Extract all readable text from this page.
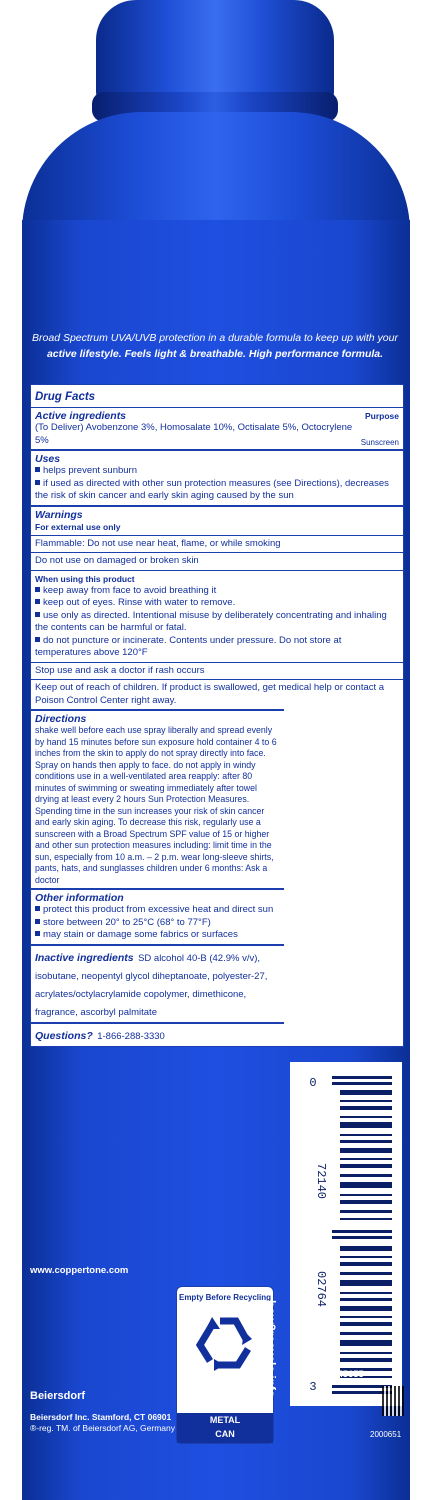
Broad Spectrum UVA/UVB protection in a durable formula to keep up with your
active lifestyle. Feels light & breathable. High performance formula.
Drug Facts
Active ingredients	Purpose
(To Deliver) Avobenzone 3%, Homosalate 10%, Octisalate 5%, Octocrylene 5%	Sunscreen
Uses
helps prevent sunburn
if used as directed with other sun protection measures (see Directions), decreases the risk of skin cancer and early skin aging caused by the sun
Warnings
For external use only
Flammable: Do not use near heat, flame, or while smoking
Do not use on damaged or broken skin
When using this product
keep away from face to avoid breathing it
keep out of eyes. Rinse with water to remove.
use only as directed. Intentional misuse by deliberately concentrating and inhaling the contents can be harmful or fatal.
do not puncture or incinerate. Contents under pressure. Do not store at temperatures above 120°F
Stop use and ask a doctor if rash occurs
Keep out of reach of children. If product is swallowed, get medical help or contact a Poison Control Center right away.
Directions
shake well before each use spray liberally and spread evenly by hand 15 minutes before sun exposure hold container 4 to 6 inches from the skin to apply do not spray directly into face. Spray on hands then apply to face. do not apply in windy conditions use in a well-ventilated area reapply: after 80 minutes of swimming or sweating immediately after towel drying at least every 2 hours Sun Protection Measures. Spending time in the sun increases your risk of skin cancer and early skin aging. To decrease this risk, regularly use a sunscreen with a Broad Spectrum SPF value of 15 or higher and other sun protection measures including: limit time in the sun, especially from 10 a.m. – 2 p.m. wear long-sleeve shirts, pants, hats, and sunglasses children under 6 months: Ask a doctor
Other information
protect this product from excessive heat and direct sun
store between 20° to 25°C (68° to 77°F)
may stain or damage some fabrics or surfaces
Inactive ingredients SD alcohol 40-B (42.9% v/v), isobutane, neopentyl glycol diheptanoate, polyester-27, acrylates/octylacrylamide copolymer, dimethicone, fragrance, ascorbyl palmitate
Questions? 1-866-288-3330
0
72140
02764
3
www.coppertone.com
Empty Before Recycling
METAL
CAN
how2recycle.info DOT-2P M5655
2000651
Beiersdorf
Beiersdorf Inc. Stamford, CT 06901
®-reg. TM. of Beiersdorf AG, Germany
